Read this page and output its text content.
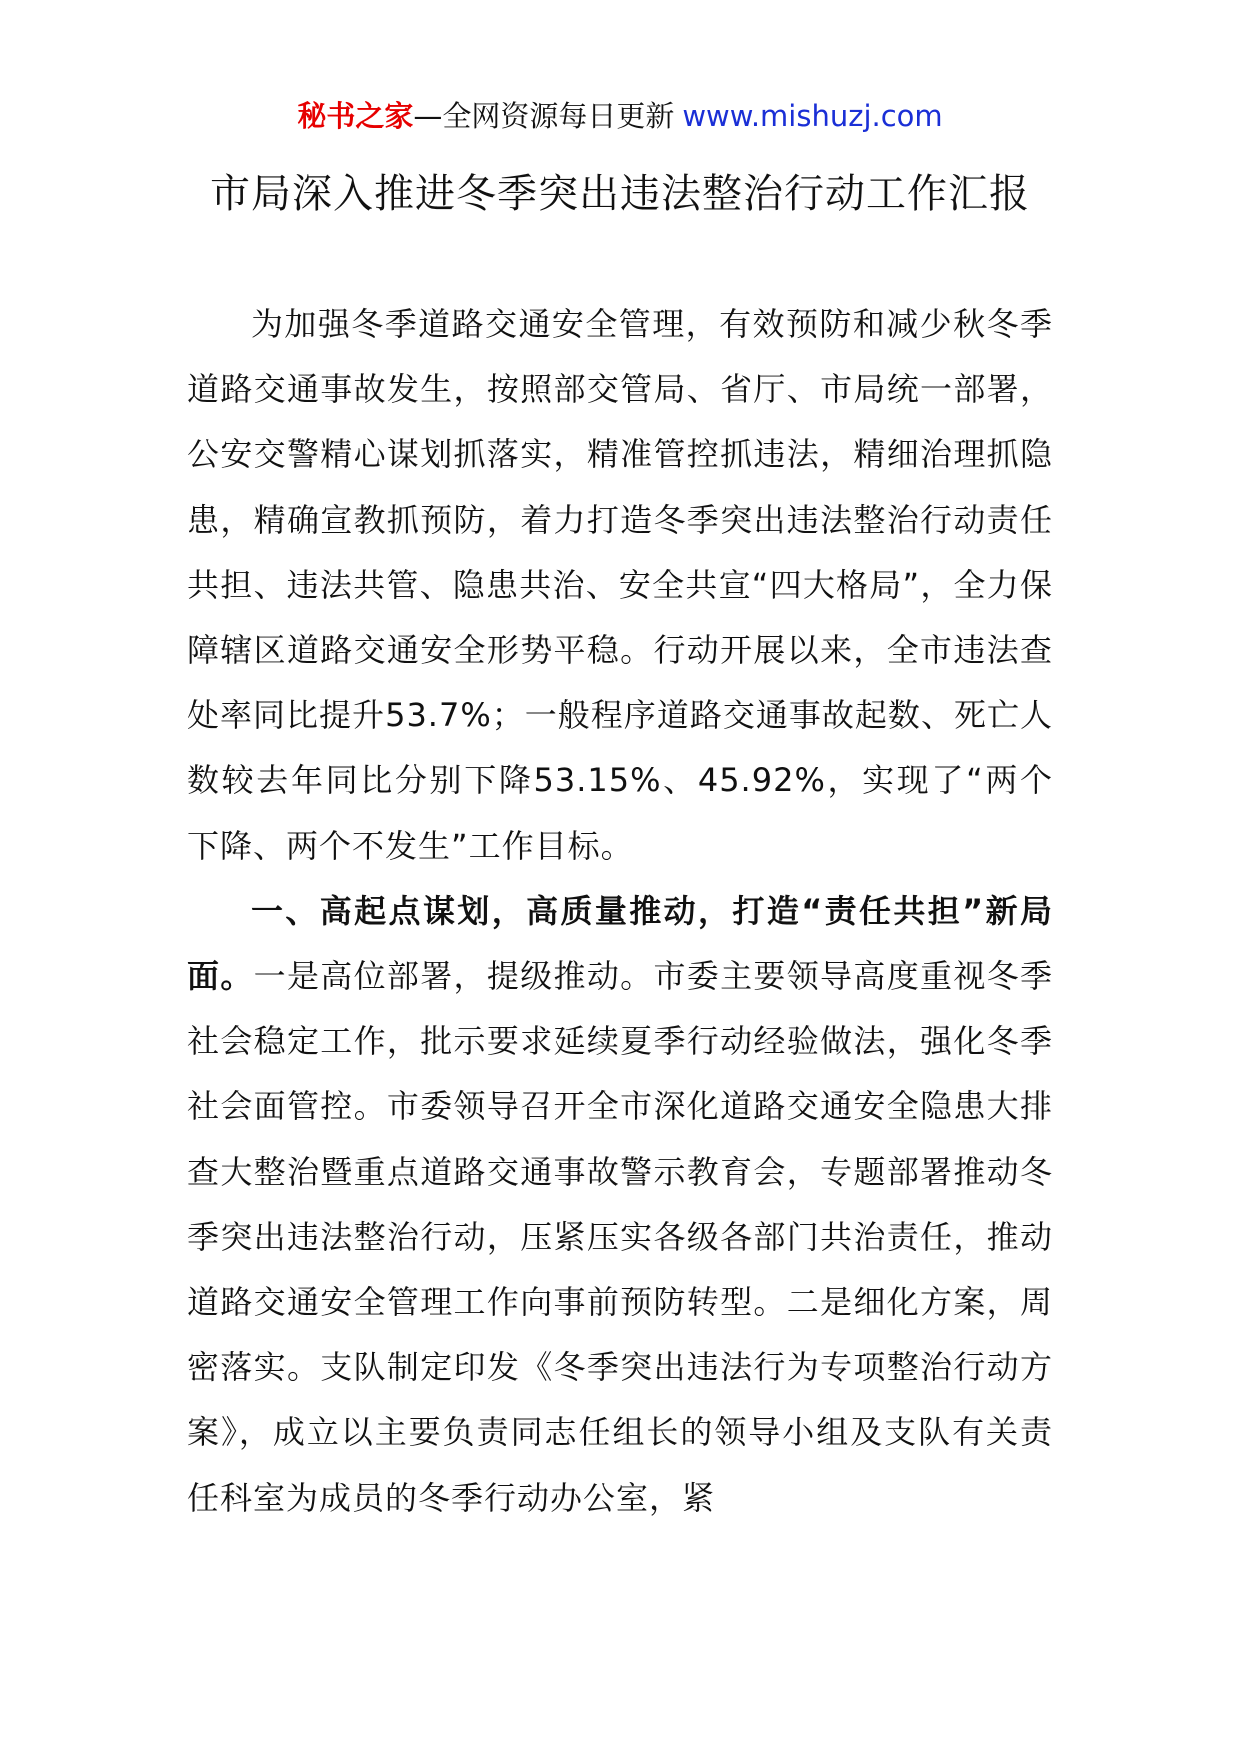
秘书之家—全网资源每日更新 www.mishuzj.com
市局深入推进冬季突出违法整治行动工作汇报

为加强冬季道路交通安全管理，有效预防和减少秋冬季道路交通事故发生，按照部交管局、省厅、市局统一部署，公安交警精心谋划抓落实，精准管控抓违法，精细治理抓隐患，精确宣教抓预防，着力打造冬季突出违法整治行动责任共担、违法共管、隐患共治、安全共宣“四大格局”，全力保障辖区道路交通安全形势平稳。行动开展以来，全市违法查处率同比提升53.7%；一般程序道路交通事故起数、死亡人数较去年同比分别下降53.15%、45.92%，实现了“两个下降、两个不发生”工作目标。

一、高起点谋划，高质量推动，打造“责任共担”新局面。一是高位部署，提级推动。市委主要领导高度重视冬季社会稳定工作，批示要求延续夏季行动经验做法，强化冬季社会面管控。市委领导召开全市深化道路交通安全隐患大排查大整治暨重点道路交通事故警示教育会，专题部署推动冬季突出违法整治行动，压紧压实各级各部门共治责任，推动道路交通安全管理工作向事前预防转型。二是细化方案，周密落实。支队制定印发《冬季突出违法行为专项整治行动方案》，成立以主要负责同志任组长的领导小组及支队有关责任科室为成员的冬季行动办公室，紧
